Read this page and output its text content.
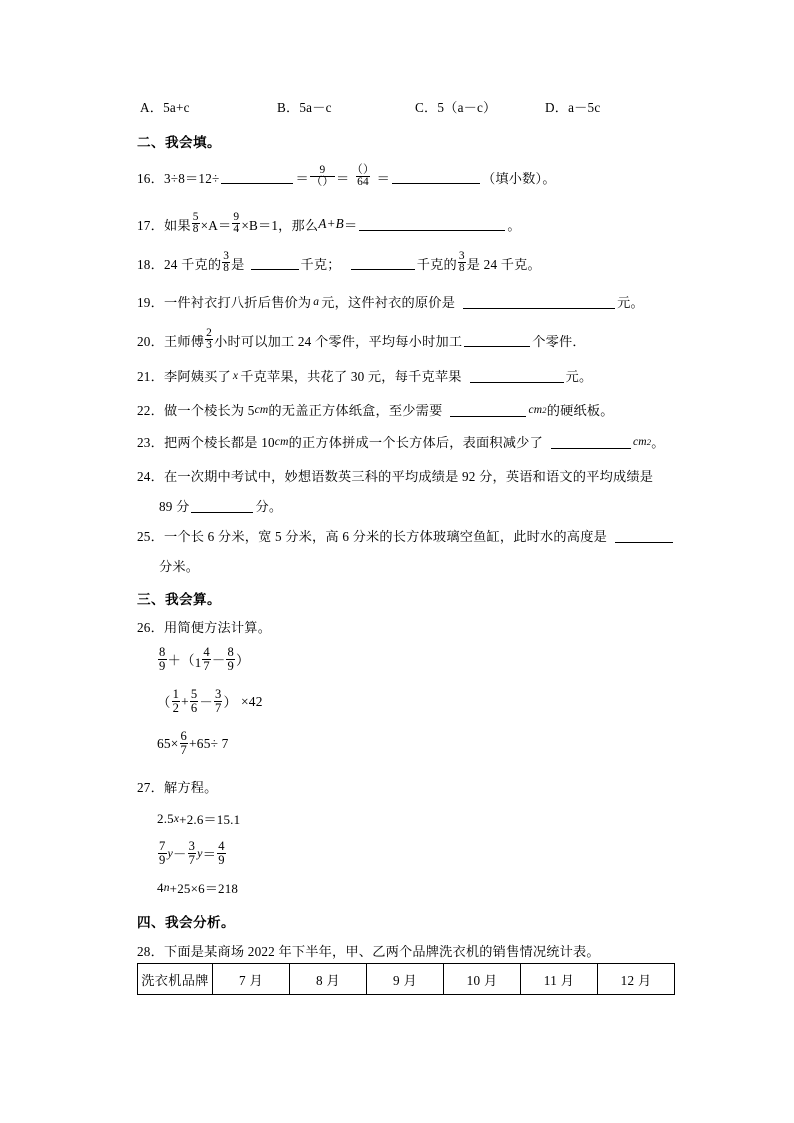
A．5a+c	B．5a－c	C．5（a－c）	D．a－5c
二、我会填。
16． 3÷8＝12÷	＝ $\frac{9}{()} = \frac{()}{64}$ ＝	（填小数）。
17． 如果 $\frac{5}{8} \times A= \frac{9}{4} \times B=1$，那么 A+B ＝	。
18． 24 千克的 $\frac{3}{8}$ 是	千克；	千克的 $\frac{3}{8}$ 是 24 千克。
19． 一件衬衣打八折后售价为 a 元，这件衬衣的原价是	元。
20． 王师傅 $\frac{2}{3}$ 小时可以加工 24 个零件，平均每小时加工	个零件．
21． 李阿姨买了 x 千克苹果，共花了 30 元，每千克苹果	元。
22． 做一个棱长为 5 cm 的无盖正方体纸盒，至少需要	cm 2 的硬纸板。
23． 把两个棱长都是 10 cm 的正方体拼成一个长方体后，表面积减少了	cm 2 。
24． 在一次期中考试中，妙想语数英三科的平均成绩是 92 分，英语和语文的平均成绩是
89 分	分。
25． 一个长 6 分米，宽 5 分米，高 6 分米的长方体玻璃空鱼缸，此时水的高度是
分米。
三、我会算。
26． 用简便方法计算。
$\frac{8}{9}$ ＋（ $1 \frac{4}{7} - \frac{8}{9}$ ）
（ $\frac{1}{2} + \frac{5}{6} - \frac{3}{7}$ ） ×42
$65\times \frac{6}{7} +65\div 7$
27． 解方程。
2.5 x +2.6＝15.1
$\frac{7}{9}$ $y - \frac{3}{7}$ $y = \frac{4}{9}$
4 n +25×6＝218
四、我会分析。
28． 下面是某商场 2022 年下半年，甲、乙两个品牌洗衣机的销售情况统计表。
洗衣机品牌	7 月	8 月	9 月	10 月	11 月	12 月
